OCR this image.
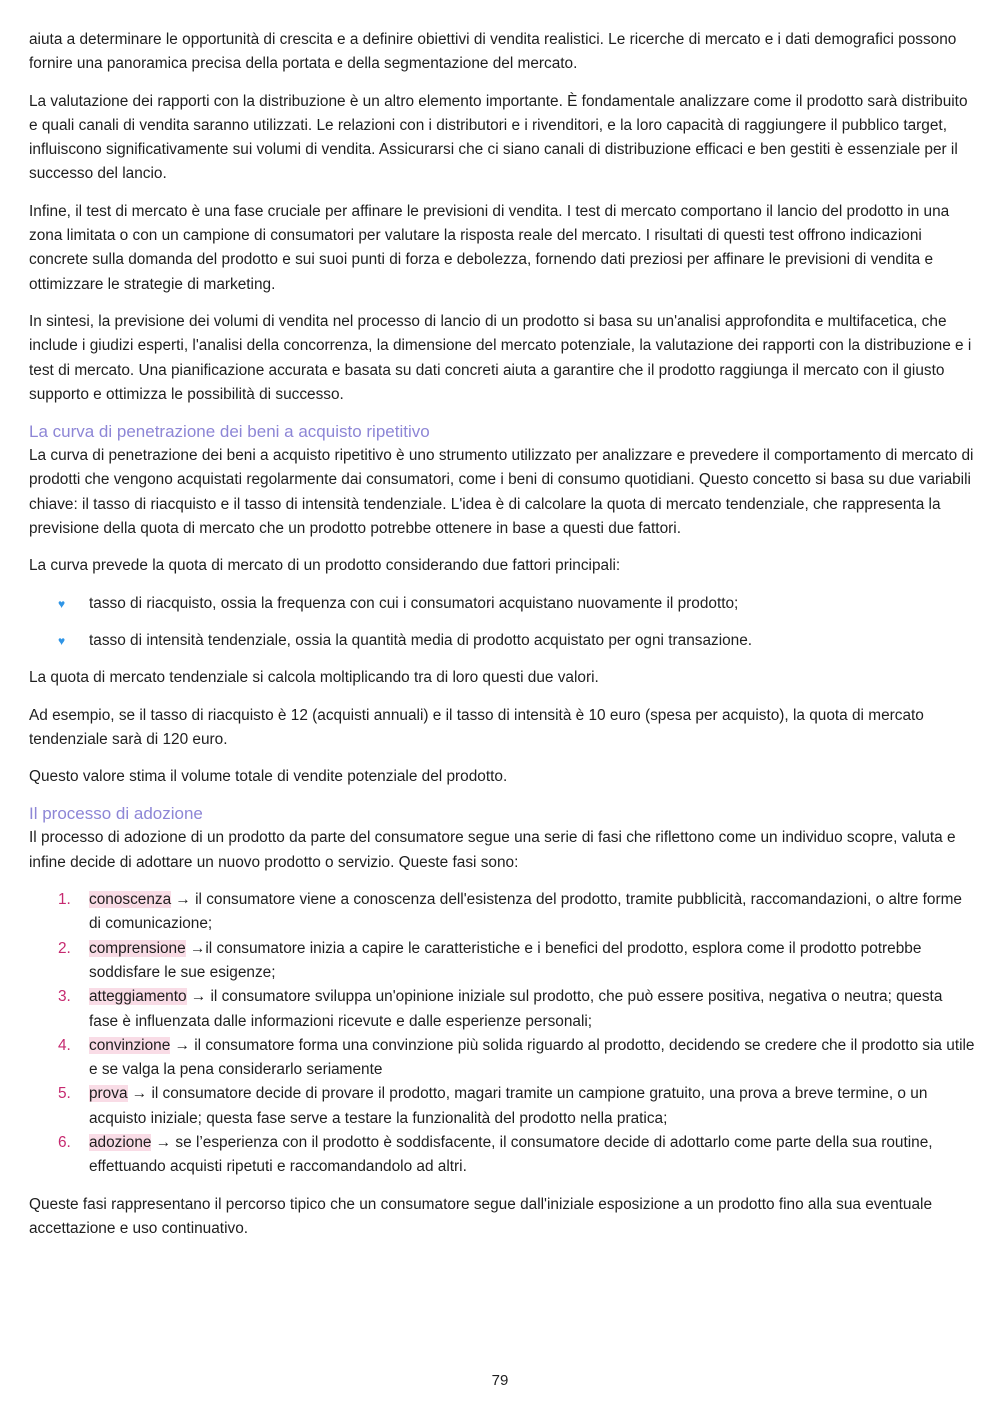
aiuta a determinare le opportunità di crescita e a definire obiettivi di vendita realistici. Le ricerche di mercato e i dati demografici possono fornire una panoramica precisa della portata e della segmentazione del mercato.

La valutazione dei rapporti con la distribuzione è un altro elemento importante. È fondamentale analizzare come il prodotto sarà distribuito e quali canali di vendita saranno utilizzati. Le relazioni con i distributori e i rivenditori, e la loro capacità di raggiungere il pubblico target, influiscono significativamente sui volumi di vendita. Assicurarsi che ci siano canali di distribuzione efficaci e ben gestiti è essenziale per il successo del lancio.

Infine, il test di mercato è una fase cruciale per affinare le previsioni di vendita. I test di mercato comportano il lancio del prodotto in una zona limitata o con un campione di consumatori per valutare la risposta reale del mercato. I risultati di questi test offrono indicazioni concrete sulla domanda del prodotto e sui suoi punti di forza e debolezza, fornendo dati preziosi per affinare le previsioni di vendita e ottimizzare le strategie di marketing.

In sintesi, la previsione dei volumi di vendita nel processo di lancio di un prodotto si basa su un'analisi approfondita e multifacetica, che include i giudizi esperti, l'analisi della concorrenza, la dimensione del mercato potenziale, la valutazione dei rapporti con la distribuzione e i test di mercato. Una pianificazione accurata e basata su dati concreti aiuta a garantire che il prodotto raggiunga il mercato con il giusto supporto e ottimizza le possibilità di successo.

La curva di penetrazione dei beni a acquisto ripetitivo

La curva di penetrazione dei beni a acquisto ripetitivo è uno strumento utilizzato per analizzare e prevedere il comportamento di mercato di prodotti che vengono acquistati regolarmente dai consumatori, come i beni di consumo quotidiani. Questo concetto si basa su due variabili chiave: il tasso di riacquisto e il tasso di intensità tendenziale. L'idea è di calcolare la quota di mercato tendenziale, che rappresenta la previsione della quota di mercato che un prodotto potrebbe ottenere in base a questi due fattori.

La curva prevede la quota di mercato di un prodotto considerando due fattori principali:

♥ tasso di riacquisto, ossia la frequenza con cui i consumatori acquistano nuovamente il prodotto;
♥ tasso di intensità tendenziale, ossia la quantità media di prodotto acquistato per ogni transazione.

La quota di mercato tendenziale si calcola moltiplicando tra di loro questi due valori.

Ad esempio, se il tasso di riacquisto è 12 (acquisti annuali) e il tasso di intensità è 10 euro (spesa per acquisto), la quota di mercato tendenziale sarà di 120 euro.

Questo valore stima il volume totale di vendite potenziale del prodotto.

Il processo di adozione

Il processo di adozione di un prodotto da parte del consumatore segue una serie di fasi che riflettono come un individuo scopre, valuta e infine decide di adottare un nuovo prodotto o servizio. Queste fasi sono:

1. conoscenza → il consumatore viene a conoscenza dell'esistenza del prodotto, tramite pubblicità, raccomandazioni, o altre forme di comunicazione;
2. comprensione →il consumatore inizia a capire le caratteristiche e i benefici del prodotto, esplora come il prodotto potrebbe soddisfare le sue esigenze;
3. atteggiamento → il consumatore sviluppa un'opinione iniziale sul prodotto, che può essere positiva, negativa o neutra; questa fase è influenzata dalle informazioni ricevute e dalle esperienze personali;
4. convinzione → il consumatore forma una convinzione più solida riguardo al prodotto, decidendo se credere che il prodotto sia utile e se valga la pena considerarlo seriamente
5. prova → il consumatore decide di provare il prodotto, magari tramite un campione gratuito, una prova a breve termine, o un acquisto iniziale; questa fase serve a testare la funzionalità del prodotto nella pratica;
6. adozione → se l’esperienza con il prodotto è soddisfacente, il consumatore decide di adottarlo come parte della sua routine, effettuando acquisti ripetuti e raccomandandolo ad altri.

Queste fasi rappresentano il percorso tipico che un consumatore segue dall'iniziale esposizione a un prodotto fino alla sua eventuale accettazione e uso continuativo.

79
